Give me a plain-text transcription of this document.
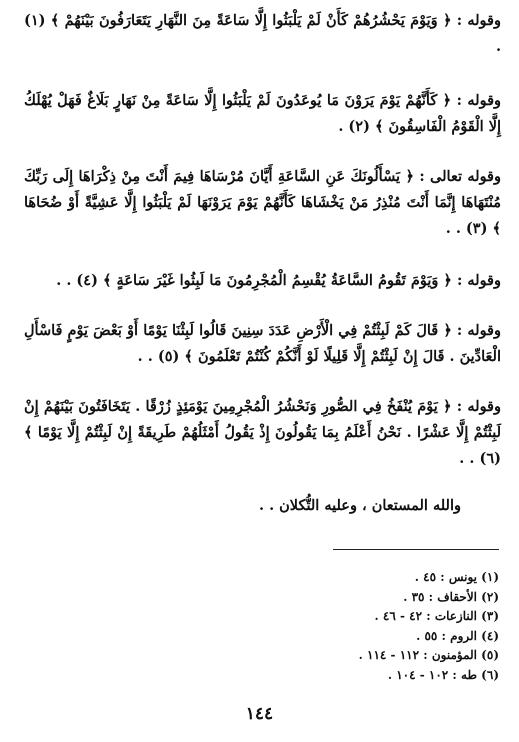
وقوله : ﴿ وَيَوْمَ يَحْشُرُهُمْ كَأَنْ لَمْ يَلْبَثُوا إِلَّا سَاعَةً مِنَ النَّهَارِ يَتَعَارَفُونَ بَيْنَهُمْ ﴾ (١) .

وقوله : ﴿ كَأَنَّهُمْ يَوْمَ يَرَوْنَ مَا يُوعَدُونَ لَمْ يَلْبَثُوا إِلَّا سَاعَةً مِنْ نَهَارٍ بَلَاغٌ فَهَلْ يُهْلَكُ إِلَّا الْقَوْمُ الْفَاسِقُونَ ﴾ (٢) .

وقوله تعالى : ﴿ يَسْأَلُونَكَ عَنِ السَّاعَةِ أَيَّانَ مُرْسَاهَا فِيمَ أَنْتَ مِنْ ذِكْرَاهَا إِلَى رَبِّكَ مُنْتَهَاهَا إِنَّمَا أَنْتَ مُنْذِرُ مَنْ يَخْشَاهَا كَأَنَّهُمْ يَوْمَ يَرَوْنَهَا لَمْ يَلْبَثُوا إِلَّا عَشِيَّةً أَوْ ضُحَاهَا ﴾ (٣) . .

وقوله : ﴿ وَيَوْمَ تَقُومُ السَّاعَةُ يُقْسِمُ الْمُجْرِمُونَ مَا لَبِثُوا غَيْرَ سَاعَةٍ ﴾ (٤) . .

وقوله : ﴿ قَالَ كَمْ لَبِثْتُمْ فِي الْأَرْضِ عَدَدَ سِنِينَ قَالُوا لَبِثْنَا يَوْمًا أَوْ بَعْضَ يَوْمٍ فَاسْأَلِ الْعَادِّينَ . قَالَ إِنْ لَبِثْتُمْ إِلَّا قَلِيلًا لَوْ أَنَّكُمْ كُنْتُمْ تَعْلَمُونَ ﴾ (٥) . .

وقوله : ﴿ يَوْمَ يُنْفَخُ فِي الصُّورِ وَنَحْشُرُ الْمُجْرِمِينَ يَوْمَئِذٍ زُرْقًا . يَتَخَافَتُونَ بَيْنَهُمْ إِنْ لَبِثْتُمْ إِلَّا عَشْرًا . نَحْنُ أَعْلَمُ بِمَا يَقُولُونَ إِذْ يَقُولُ أَمْثَلُهُمْ طَرِيقَةً إِنْ لَبِثْتُمْ إِلَّا يَوْمًا ﴾ (٦) . .

والله المستعان ، وعليه التُّكلان . .
(١) يونس : ٤٥ .
(٢) الأحقاف : ٣٥ .
(٣) النازعات : ٤٢ - ٤٦ .
(٤) الروم : ٥٥ .
(٥) المؤمنون : ١١٢ - ١١٤ .
(٦) طه : ١٠٢ - ١٠٤ .
١٤٤
